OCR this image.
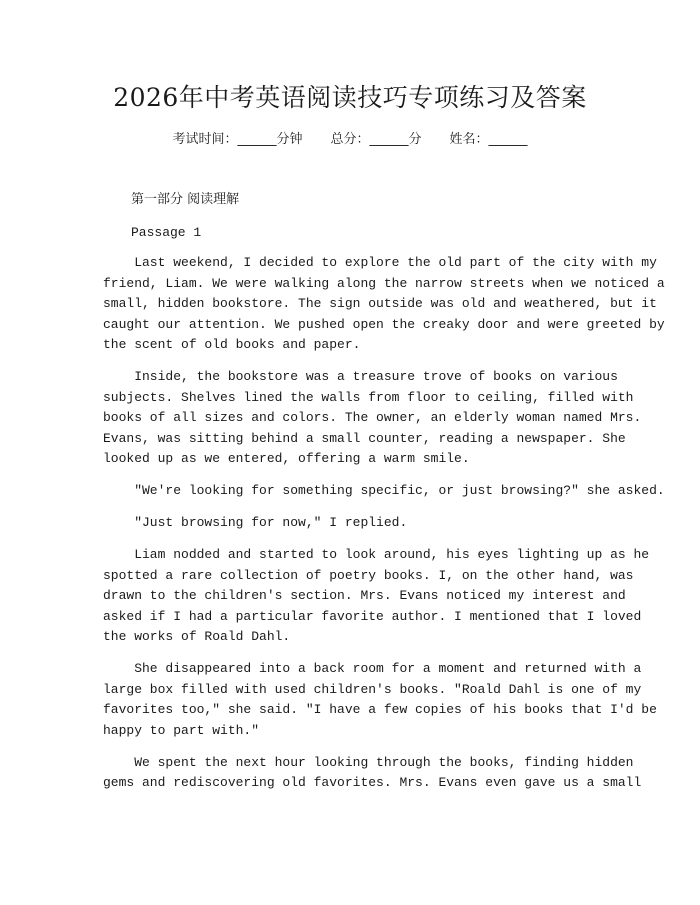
2026年中考英语阅读技巧专项练习及答案
考试时间：______分钟 总分：______分 姓名：______
第一部分 阅读理解
Passage 1
Last weekend, I decided to explore the old part of the city with my
friend, Liam. We were walking along the narrow streets when we noticed a
small, hidden bookstore. The sign outside was old and weathered, but it
caught our attention. We pushed open the creaky door and were greeted by
the scent of old books and paper.
Inside, the bookstore was a treasure trove of books on various
subjects. Shelves lined the walls from floor to ceiling, filled with
books of all sizes and colors. The owner, an elderly woman named Mrs.
Evans, was sitting behind a small counter, reading a newspaper. She
looked up as we entered, offering a warm smile.
"We're looking for something specific, or just browsing?" she asked.
"Just browsing for now," I replied.
Liam nodded and started to look around, his eyes lighting up as he
spotted a rare collection of poetry books. I, on the other hand, was
drawn to the children's section. Mrs. Evans noticed my interest and
asked if I had a particular favorite author. I mentioned that I loved
the works of Roald Dahl.
She disappeared into a back room for a moment and returned with a
large box filled with used children's books. "Roald Dahl is one of my
favorites too," she said. "I have a few copies of his books that I'd be
happy to part with."
We spent the next hour looking through the books, finding hidden
gems and rediscovering old favorites. Mrs. Evans even gave us a small
